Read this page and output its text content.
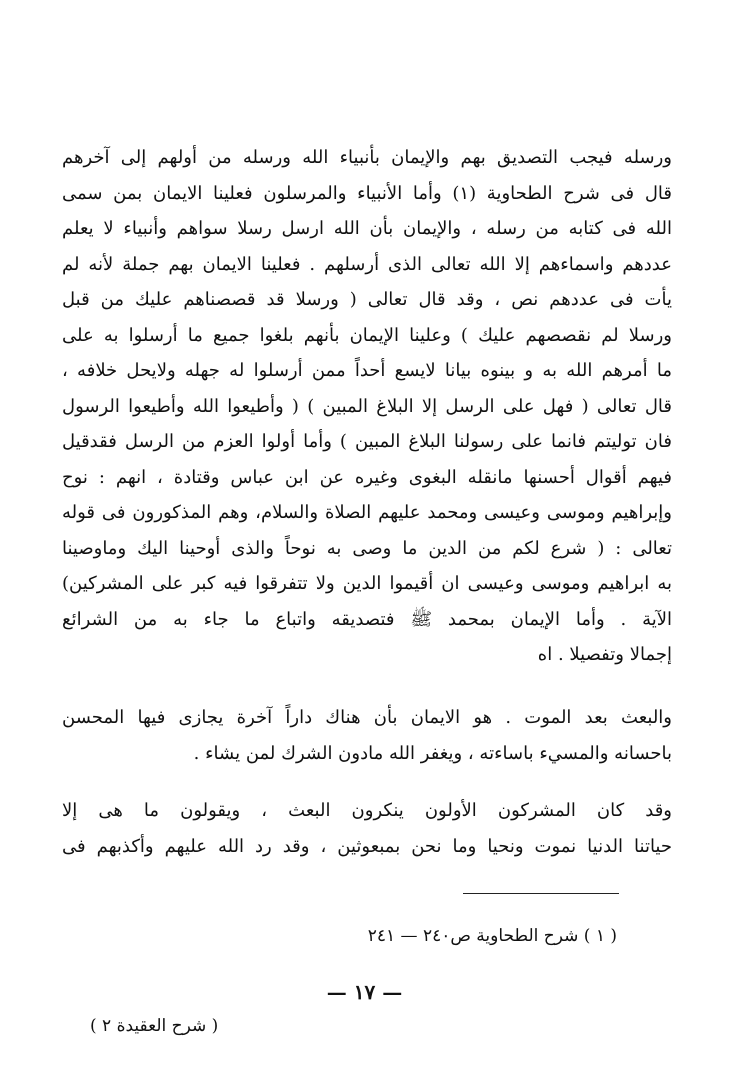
ورسله فيجب التصديق بهم والإيمان بأنبياء الله ورسله من أولهم إلى آخرهم
قال فى شرح الطحاوية (١) وأما الأنبياء والمرسلون فعلينا الايمان بمن سمى
الله فى كتابه من رسله ، والإيمان بأن الله ارسل رسلا سواهم وأنبياء لا يعلم
عددهم واسماءهم إلا الله تعالى الذى أرسلهم . فعلينا الايمان بهم جملة لأنه لم
يأت فى عددهم نص ، وقد قال تعالى ( ورسلا قد قصصناهم عليك من قبل
ورسلا لم نقصصهم عليك ) وعلينا الإيمان بأنهم بلغوا جميع ما أرسلوا به على
ما أمرهم الله به و بينوه بيانا لايسع أحداً ممن أرسلوا له جهله ولايحل خلافه ،
قال تعالى ( فهل على الرسل إلا البلاغ المبين ) ( وأطيعوا الله وأطيعوا الرسول
فان توليتم فانما على رسولنا البلاغ المبين ) وأما أولوا العزم من الرسل فقدقيل
فيهم أقوال أحسنها مانقله البغوى وغيره عن ابن عباس وقتادة ، انهم : نوح
وإبراهيم وموسى وعيسى ومحمد عليهم الصلاة والسلام، وهم المذكورون فى قوله
تعالى : ( شرع لكم من الدين ما وصى به نوحاً والذى أوحينا اليك وماوصينا
به ابراهيم وموسى وعيسى ان أقيموا الدين ولا تتفرقوا فيه كبر على المشركين)
الآية . وأما الإيمان بمحمد ﷺ فتصديقه واتباع ما جاء به من الشرائع
إجمالا وتفصيلا . اه
والبعث بعد الموت . هو الايمان بأن هناك داراً آخرة يجازى فيها المحسن
باحسانه والمسيء باساءته ، ويغفر الله مادون الشرك لمن يشاء .
وقد كان المشركون الأولون ينكرون البعث ، ويقولون ما هى إلا
حياتنا الدنيا نموت ونحيا وما نحن بمبعوثين ، وقد رد الله عليهم وأكذبهم فى
( ١ ) شرح الطحاوية ص٢٤٠ — ٢٤١
— ١٧ —
( شرح العقيدة ٢ )
